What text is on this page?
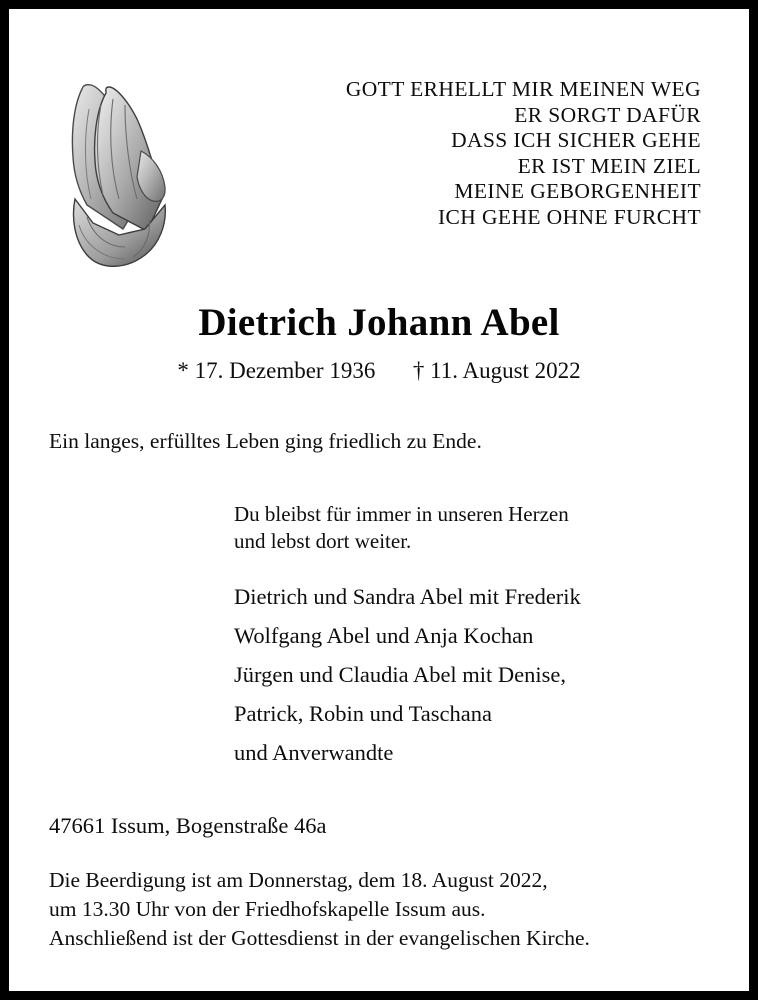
GOTT ERHELLT MIR MEINEN WEG
ER SORGT DAFÜR
DASS ICH SICHER GEHE
ER IST MEIN ZIEL
MEINE GEBORGENHEIT
ICH GEHE OHNE FURCHT
Dietrich Johann Abel
* 17. Dezember 1936 † 11. August 2022
Ein langes, erfülltes Leben ging friedlich zu Ende.
Du bleibst für immer in unseren Herzen
und lebst dort weiter.
Dietrich und Sandra Abel mit Frederik
Wolfgang Abel und Anja Kochan
Jürgen und Claudia Abel mit Denise,
Patrick, Robin und Taschana
und Anverwandte
47661 Issum, Bogenstraße 46a
Die Beerdigung ist am Donnerstag, dem 18. August 2022,
um 13.30 Uhr von der Friedhofskapelle Issum aus.
Anschließend ist der Gottesdienst in der evangelischen Kirche.
